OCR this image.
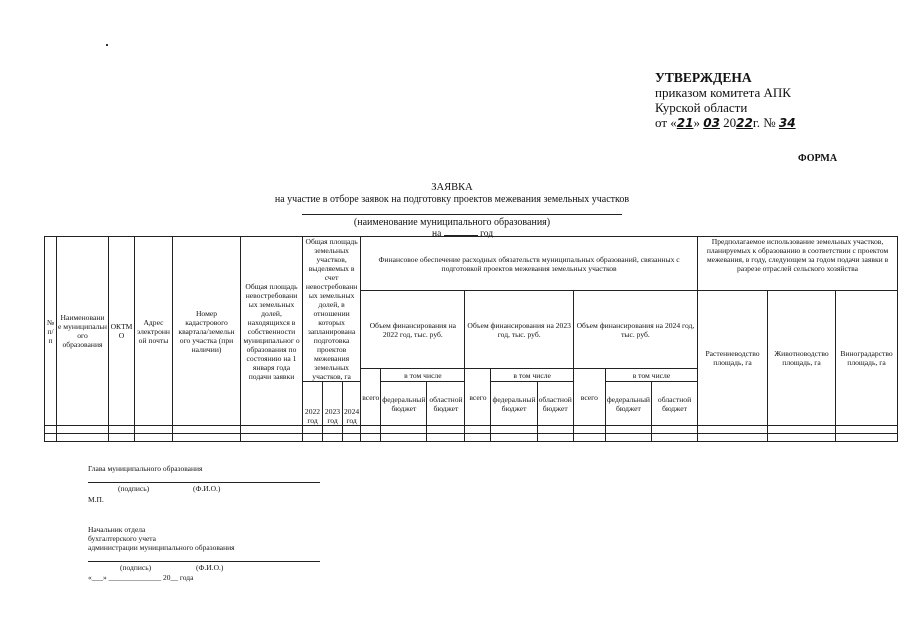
УТВЕРЖДЕНА
приказом комитета АПК
Курской области
от «21» 03 2022г. № 34
ФОРМА
ЗАЯВКА
на участие в отборе заявок на подготовку проектов межевания земельных участков
(наименование муниципального образования)
на	год
№ п/п	Наименовани е муниципальн ого образования	ОКТМ О	Адрес электронн ой почты	Номер кадастрового квартала/земельн ого участка (при наличии)	Общая площадь невостребовани ых земельных долей, находящихся в собственности муниципальног о образования по состоянию на 1 января года подачи заявки	Общая площадь земельных участков, выделяемых в счет невостребованн ых земельных долей, в отношении которых запланирована подготовка проектов межевания земельных участков, га			Финансовое обеспечение расходных обязательств муниципальных образований, связанных с подготовкой проектов межевания земельных участков									Предполагаемое использование земельных участков, планируемых к образованию в соответствии с проектом межевания, в году, следующем за годом подачи заявки в разрезе отраслей сельского хозяйства		
									Объем финансирования на 2022 год, тыс. руб.			Объем финансирования на 2023 год, тыс. руб.			Объем финансирования на 2024 год, тыс. руб.			Растениеводство площадь, га	Животноводство площадь, га	Виноградарство площадь, га
									всего	в том числе		всего	в том числе		всего	в том числе				
						2022 год	2023 год	2024 год		федеральный бюджет	областной бюджет		федеральный бюджет	областной бюджет		федеральный бюджет	областной бюджет			

Глава муниципального образования
(подпись)	(Ф.И.О.)
М.П.
Начальник отдела
бухгалтерского учета
администрации муниципального образования
(подпись)	(Ф.И.О.)
«___» ______________ 20__ года
